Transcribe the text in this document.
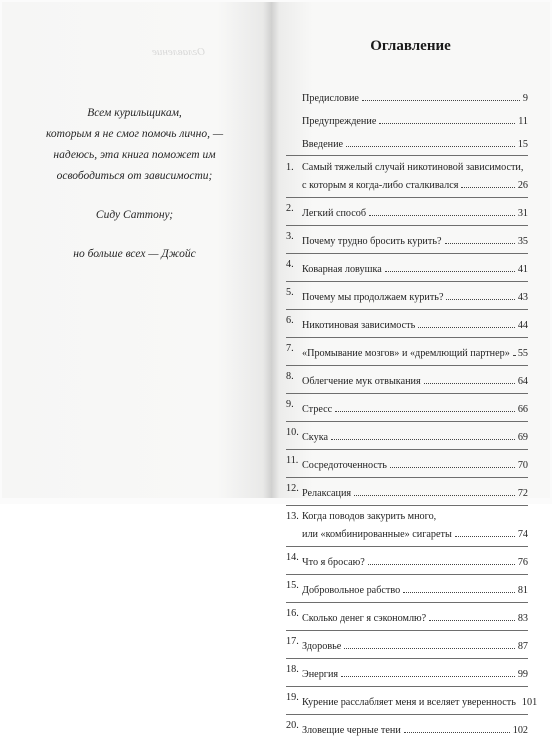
Оглавление

Всем курильщикам,
которым я не смог помочь лично, —
надеюсь, эта книга поможет им
освободиться от зависимости;

Сиду Саттону;

но больше всех — Джойс

Оглавление
Предисловие	9
Предупреждение	11
Введение	15
1. Самый тяжелый случай никотиновой зависимости,
с которым я когда-либо сталкивался	26
2. Легкий способ	31
3. Почему трудно бросить курить?	35
4. Коварная ловушка	41
5. Почему мы продолжаем курить?	43
6. Никотиновая зависимость	44
7. «Промывание мозгов» и «дремлющий партнер» 55
8. Облегчение мук отвыкания	64
9. Стресс	66
10. Скука	69
11. Сосредоточенность	70
12. Релаксация	72
13. Когда поводов закурить много,
или «комбинированные» сигареты	74
14. Что я бросаю?	76
15. Добровольное рабство	81
16. Сколько денег я сэкономлю?	83
17. Здоровье	87
18. Энергия	99
19. Курение расслабляет меня и вселяет уверенность 101
20. Зловещие черные тени	102
